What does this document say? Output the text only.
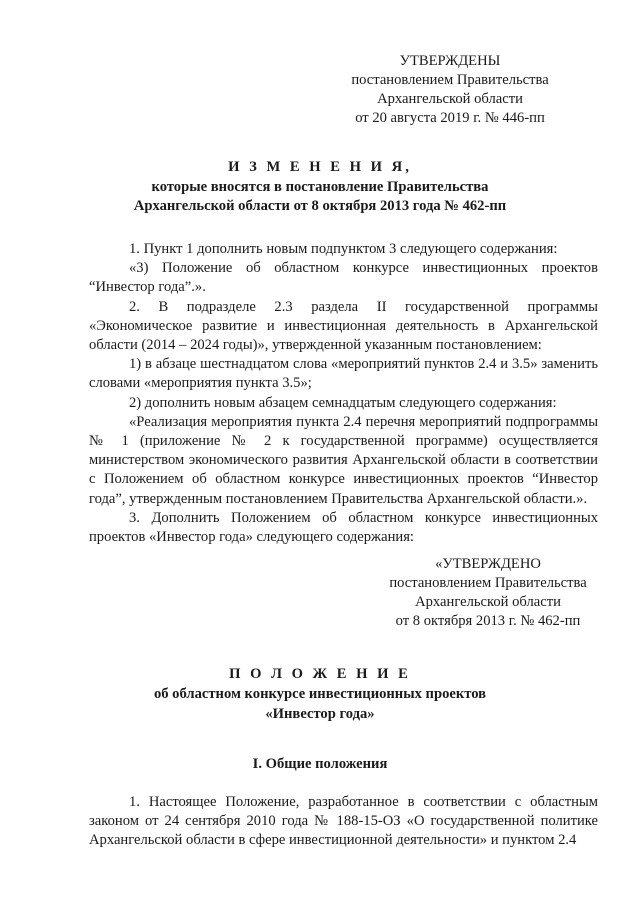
УТВЕРЖДЕНЫ
постановлением Правительства
Архангельской области
от 20 августа 2019 г. № 446-пп
И З М Е Н Е Н И Я,
которые вносятся в постановление Правительства
Архангельской области от 8 октября 2013 года № 462-пп

1. Пункт 1 дополнить новым подпунктом 3 следующего содержания:

«3) Положение об областном конкурсе инвестиционных проектов “Инвестор года”.».

2. В подразделе 2.3 раздела II государственной программы «Экономическое развитие и инвестиционная деятельность в Архангельской области (2014 – 2024 годы)», утвержденной указанным постановлением:

1) в абзаце шестнадцатом слова «мероприятий пунктов 2.4 и 3.5» заменить словами «мероприятия пункта 3.5»;

2) дополнить новым абзацем семнадцатым следующего содержания:

«Реализация мероприятия пункта 2.4 перечня мероприятий подпрограммы № 1 (приложение № 2 к государственной программе) осуществляется министерством экономического развития Архангельской области в соответствии с Положением об областном конкурсе инвестиционных проектов “Инвестор года”, утвержденным постановлением Правительства Архангельской области.».

3. Дополнить Положением об областном конкурсе инвестиционных проектов «Инвестор года» следующего содержания:

«УТВЕРЖДЕНО
постановлением Правительства
Архангельской области
от 8 октября 2013 г. № 462-пп
П О Л О Ж Е Н И Е
об областном конкурсе инвестиционных проектов
«Инвестор года»
I. Общие положения

1. Настоящее Положение, разработанное в соответствии с областным законом от 24 сентября 2010 года № 188-15-ОЗ «О государственной политике Архангельской области в сфере инвестиционной деятельности» и пунктом 2.4
